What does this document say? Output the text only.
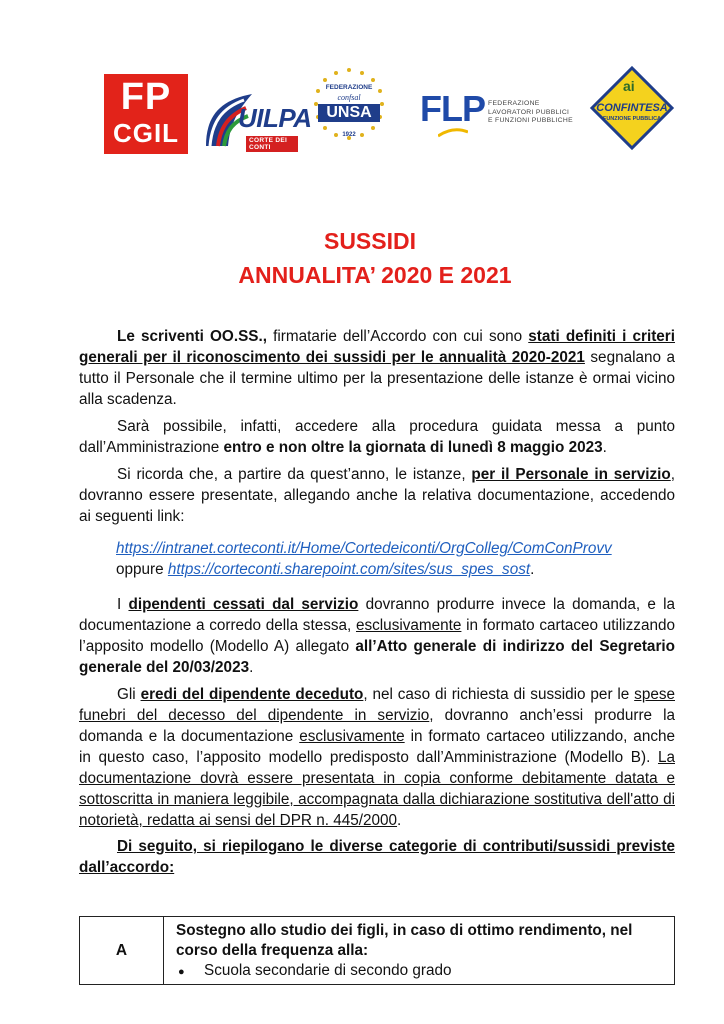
FP
CGIL	UILPA
CORTE DEI CONTI
FEDERAZIONE
confsal
UNSA
1922
FLP FEDERAZIONE
LAVORATORI PUBBLICI
E FUNZIONI PUBBLICHE
ai
CONFINTESA
FUNZIONE PUBBLICA
SUSSIDI
ANNUALITA’ 2020 E 2021
Le scriventi OO.SS., firmatarie dell’Accordo con cui sono stati definiti i criteri generali per il riconoscimento dei sussidi per le annualità 2020-2021 segnalano a tutto il Personale che il termine ultimo per la presentazione delle istanze è ormai vicino alla scadenza.
Sarà possibile, infatti, accedere alla procedura guidata messa a punto dall’Amministrazione entro e non oltre la giornata di lunedì 8 maggio 2023.
Si ricorda che, a partire da quest’anno, le istanze, per il Personale in servizio, dovranno essere presentate, allegando anche la relativa documentazione, accedendo ai seguenti link:
https://intranet.corteconti.it/Home/Cortedeiconti/OrgColleg/ComConProvv
oppure https://corteconti.sharepoint.com/sites/sus_spes_sost.
I dipendenti cessati dal servizio dovranno produrre invece la domanda, e la documentazione a corredo della stessa, esclusivamente in formato cartaceo utilizzando l’apposito modello (Modello A) allegato all’Atto generale di indirizzo del Segretario generale del 20/03/2023.
Gli eredi del dipendente deceduto, nel caso di richiesta di sussidio per le spese funebri del decesso del dipendente in servizio, dovranno anch’essi produrre la domanda e la documentazione esclusivamente in formato cartaceo utilizzando, anche in questo caso, l’apposito modello predisposto dall’Amministrazione (Modello B). La documentazione dovrà essere presentata in copia conforme debitamente datata e sottoscritta in maniera leggibile, accompagnata dalla dichiarazione sostitutiva dell'atto di notorietà, redatta ai sensi del DPR n. 445/2000.
Di seguito, si riepilogano le diverse categorie di contributi/sussidi previste dall’accordo:
A	Sostegno allo studio dei figli, in caso di ottimo rendimento, nel corso della frequenza alla:
● Scuola secondarie di secondo grado
